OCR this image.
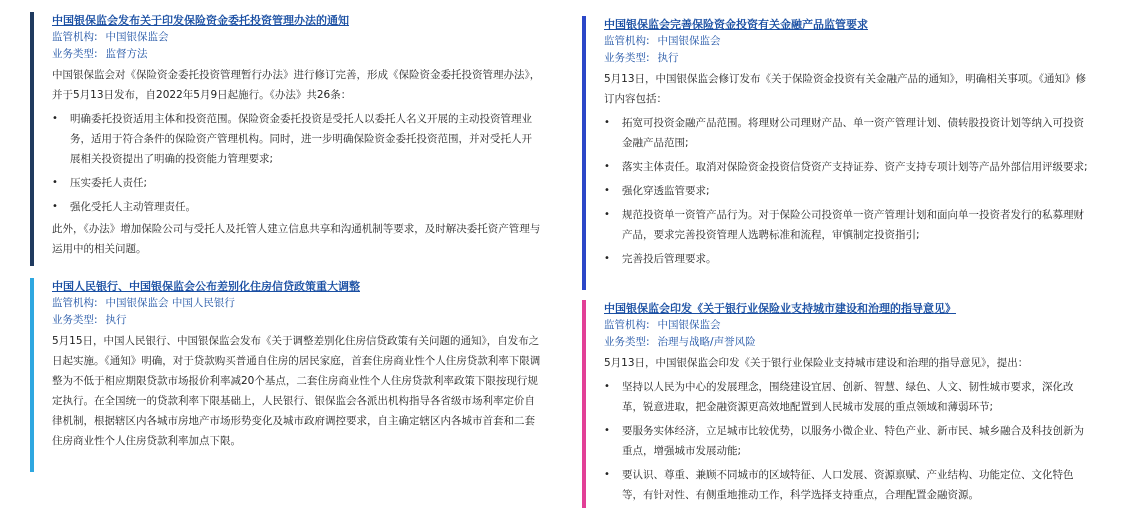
中国银保监会发布关于印发保险资金委托投资管理办法的通知
监管机构: 中国银保监会
业务类型: 监督方法

中国银保监会对《保险资金委托投资管理暂行办法》进行修订完善，形成《保险资金委托投资管理办法》，并于5月13日发布，自2022年5月9日起施行。《办法》共26条：

• 明确委托投资适用主体和投资范围。保险资金委托投资是受托人以委托人名义开展的主动投资管理业务，适用于符合条件的保险资产管理机构。同时，进一步明确保险资金委托投资范围，并对受托人开展相关投资提出了明确的投资能力管理要求;
• 压实委托人责任;
• 强化受托人主动管理责任。

此外，《办法》增加保险公司与受托人及托管人建立信息共享和沟通机制等要求，及时解决委托资产管理与运用中的相关问题。

中国人民银行、中国银保监会公布差别化住房信贷政策重大调整
监管机构: 中国银保监会 中国人民银行
业务类型: 执行

5月15日，中国人民银行、中国银保监会发布《关于调整差别化住房信贷政策有关问题的通知》，自发布之日起实施。《通知》明确，对于贷款购买普通自住房的居民家庭，首套住房商业性个人住房贷款利率下限调整为不低于相应期限贷款市场报价利率减20个基点，二套住房商业性个人住房贷款利率政策下限按现行规定执行。在全国统一的贷款利率下限基础上，人民银行、银保监会各派出机构指导各省级市场利率定价自律机制，根据辖区内各城市房地产市场形势变化及城市政府调控要求，自主确定辖区内各城市首套和二套住房商业性个人住房贷款利率加点下限。

中国银保监会完善保险资金投资有关金融产品监管要求
监管机构: 中国银保监会
业务类型: 执行

5月13日，中国银保监会修订发布《关于保险资金投资有关金融产品的通知》，明确相关事项。《通知》修订内容包括：

• 拓宽可投资金融产品范围。将理财公司理财产品、单一资产管理计划、债转股投资计划等纳入可投资金融产品范围;
• 落实主体责任。取消对保险资金投资信贷资产支持证券、资产支持专项计划等产品外部信用评级要求;
• 强化穿透监管要求;
• 规范投资单一资管产品行为。对于保险公司投资单一资产管理计划和面向单一投资者发行的私募理财产品，要求完善投资管理人选聘标准和流程，审慎制定投资指引;
• 完善投后管理要求。
中国银保监会印发《关于银行业保险业支持城市建设和治理的指导意见》
监管机构: 中国银保监会
业务类型: 治理与战略/声誉风险

5月13日，中国银保监会印发《关于银行业保险业支持城市建设和治理的指导意见》，提出：

• 坚持以人民为中心的发展理念，围绕建设宜居、创新、智慧、绿色、人文、韧性城市要求，深化改革，锐意进取，把金融资源更高效地配置到人民城市发展的重点领域和薄弱环节;
• 要服务实体经济，立足城市比较优势，以服务小微企业、特色产业、新市民、城乡融合及科技创新为重点，增强城市发展动能;
• 要认识、尊重、兼顾不同城市的区域特征、人口发展、资源禀赋、产业结构、功能定位、文化特色等，有针对性、有侧重地推动工作，科学选择支持重点，合理配置金融资源。
